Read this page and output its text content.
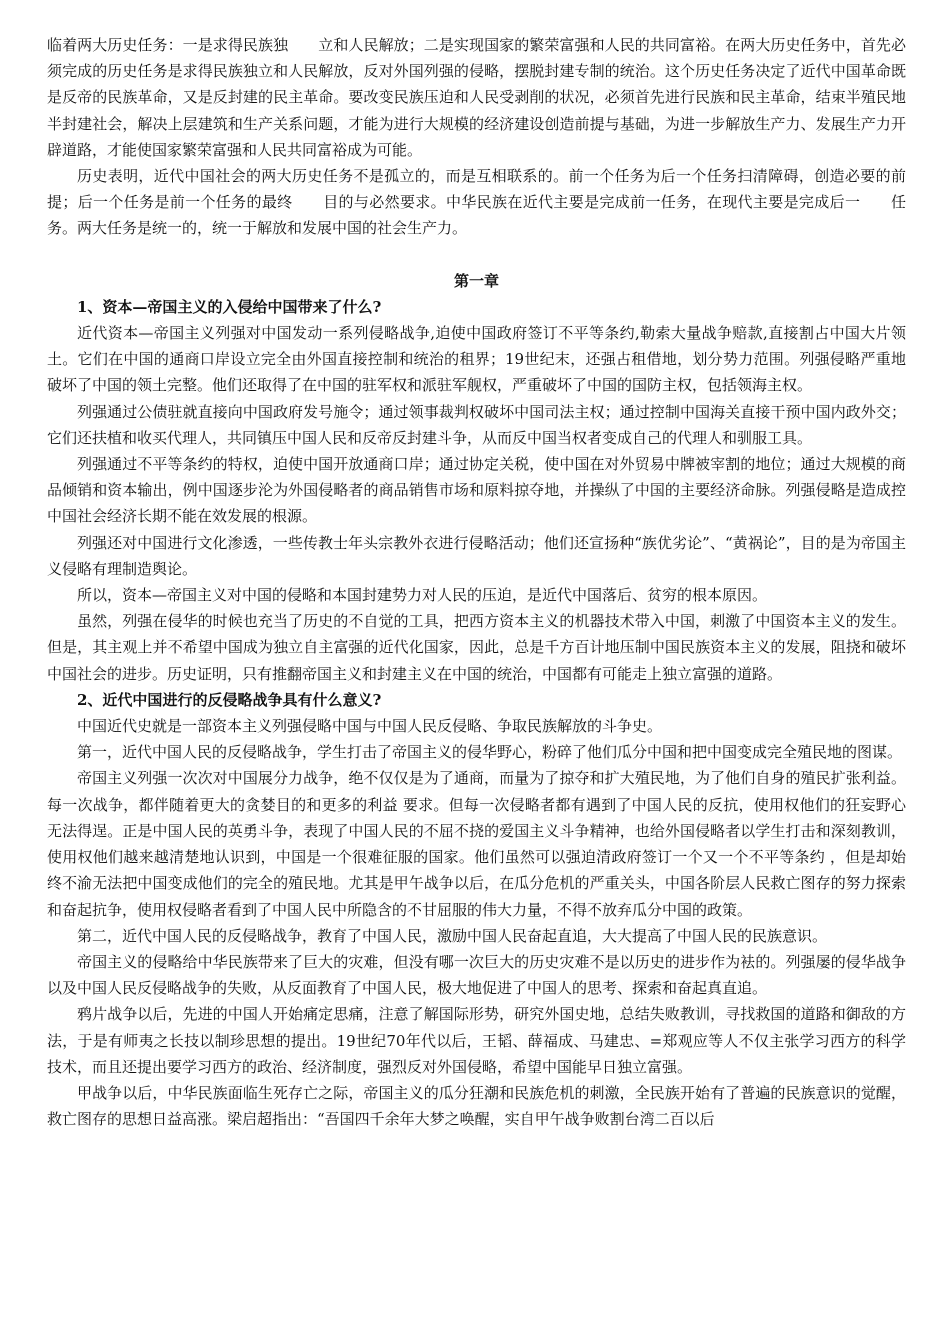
临着两大历史任务：一是求得民族独　　立和人民解放；二是实现国家的繁荣富强和人民的共同富裕。在两大历史任务中，首先必须完成的历史任务是求得民族独立和人民解放，反对外国列强的侵略，摆脱封建专制的统治。这个历史任务决定了近代中国革命既是反帝的民族革命，又是反封建的民主革命。要改变民族压迫和人民受剥削的状况，必须首先进行民族和民主革命，结束半殖民地半封建社会，解决上层建筑和生产关系问题，才能为进行大规模的经济建设创造前提与基础，为进一步解放生产力、发展生产力开辟道路，才能使国家繁荣富强和人民共同富裕成为可能。

历史表明，近代中国社会的两大历史任务不是孤立的，而是互相联系的。前一个任务为后一个任务扫清障碍，创造必要的前提；后一个任务是前一个任务的最终　　目的与必然要求。中华民族在近代主要是完成前一任务，在现代主要是完成后一　　任务。两大任务是统一的，统一于解放和发展中国的社会生产力。

第一章

1、资本—帝国主义的入侵给中国带来了什么?

近代资本—帝国主义列强对中国发动一系列侵略战争,迫使中国政府签订不平等条约,勒索大量战争赔款,直接割占中国大片领土。它们在中国的通商口岸设立完全由外国直接控制和统治的租界；19世纪末，还强占租借地，划分势力范围。列强侵略严重地破坏了中国的领土完整。他们还取得了在中国的驻军权和派驻军舰权，严重破坏了中国的国防主权，包括领海主权。

列强通过公债驻就直接向中国政府发号施令；通过领事裁判权破坏中国司法主权；通过控制中国海关直接干预中国内政外交；它们还扶植和收买代理人，共同镇压中国人民和反帝反封建斗争，从而反中国当权者变成自己的代理人和驯服工具。

列强通过不平等条约的特权，迫使中国开放通商口岸；通过协定关税，使中国在对外贸易中牌被宰割的地位；通过大规模的商品倾销和资本输出，例中国逐步沦为外国侵略者的商品销售市场和原料掠夺地，并操纵了中国的主要经济命脉。列强侵略是造成控中国社会经济长期不能在效发展的根源。

列强还对中国进行文化渗透，一些传教士年头宗教外衣进行侵略活动；他们还宣扬种“族优劣论”、“黄祸论”，目的是为帝国主义侵略有理制造舆论。

所以，资本—帝国主义对中国的侵略和本国封建势力对人民的压迫，是近代中国落后、贫穷的根本原因。

虽然，列强在侵华的时候也充当了历史的不自觉的工具，把西方资本主义的机器技术带入中国，刺激了中国资本主义的发生。但是，其主观上并不希望中国成为独立自主富强的近代化国家，因此，总是千方百计地压制中国民族资本主义的发展，阻挠和破坏中国社会的进步。历史证明，只有推翻帝国主义和封建主义在中国的统治，中国都有可能走上独立富强的道路。

2、近代中国进行的反侵略战争具有什么意义?

中国近代史就是一部资本主义列强侵略中国与中国人民反侵略、争取民族解放的斗争史。

第一，近代中国人民的反侵略战争，学生打击了帝国主义的侵华野心，粉碎了他们瓜分中国和把中国变成完全殖民地的图谋。

帝国主义列强一次次对中国展分力战争，绝不仅仅是为了通商，而量为了掠夺和扩大殖民地，为了他们自身的殖民扩张利益。每一次战争，都伴随着更大的贪婪目的和更多的利益 要求。但每一次侵略者都有遇到了中国人民的反抗，使用权他们的狂妄野心无法得逞。正是中国人民的英勇斗争，表现了中国人民的不屈不挠的爱国主义斗争精神，也给外国侵略者以学生打击和深刻教训，使用权他们越来越清楚地认识到，中国是一个很难征服的国家。他们虽然可以强迫清政府签订一个又一个不平等条约 ，但是却始终不渝无法把中国变成他们的完全的殖民地。尤其是甲午战争以后，在瓜分危机的严重关头，中国各阶层人民救亡图存的努力探索和奋起抗争，使用权侵略者看到了中国人民中所隐含的不甘屈服的伟大力量，不得不放弃瓜分中国的政策。

第二，近代中国人民的反侵略战争，教育了中国人民，激励中国人民奋起直追，大大提高了中国人民的民族意识。

帝国主义的侵略给中华民族带来了巨大的灾难，但没有哪一次巨大的历史灾难不是以历史的进步作为袪的。列强屡的侵华战争以及中国人民反侵略战争的失败，从反面教育了中国人民，极大地促进了中国人的思考、探索和奋起真直追。

鸦片战争以后，先进的中国人开始痛定思痛，注意了解国际形势，研究外国史地，总结失败教训，寻找救国的道路和御敌的方法，于是有师夷之长技以制珍思想的提出。19世纪70年代以后，王韬、薛福成、马建忠、=郑观应等人不仅主张学习西方的科学技术，而且还提出要学习西方的政治、经济制度，强烈反对外国侵略，希望中国能早日独立富强。

甲战争以后，中华民族面临生死存亡之际，帝国主义的瓜分狂潮和民族危机的刺激，全民族开始有了普遍的民族意识的觉醒，救亡图存的思想日益高涨。梁启超指出：“吾国四千余年大梦之唤醒，实自甲午战争败割台湾二百以后
